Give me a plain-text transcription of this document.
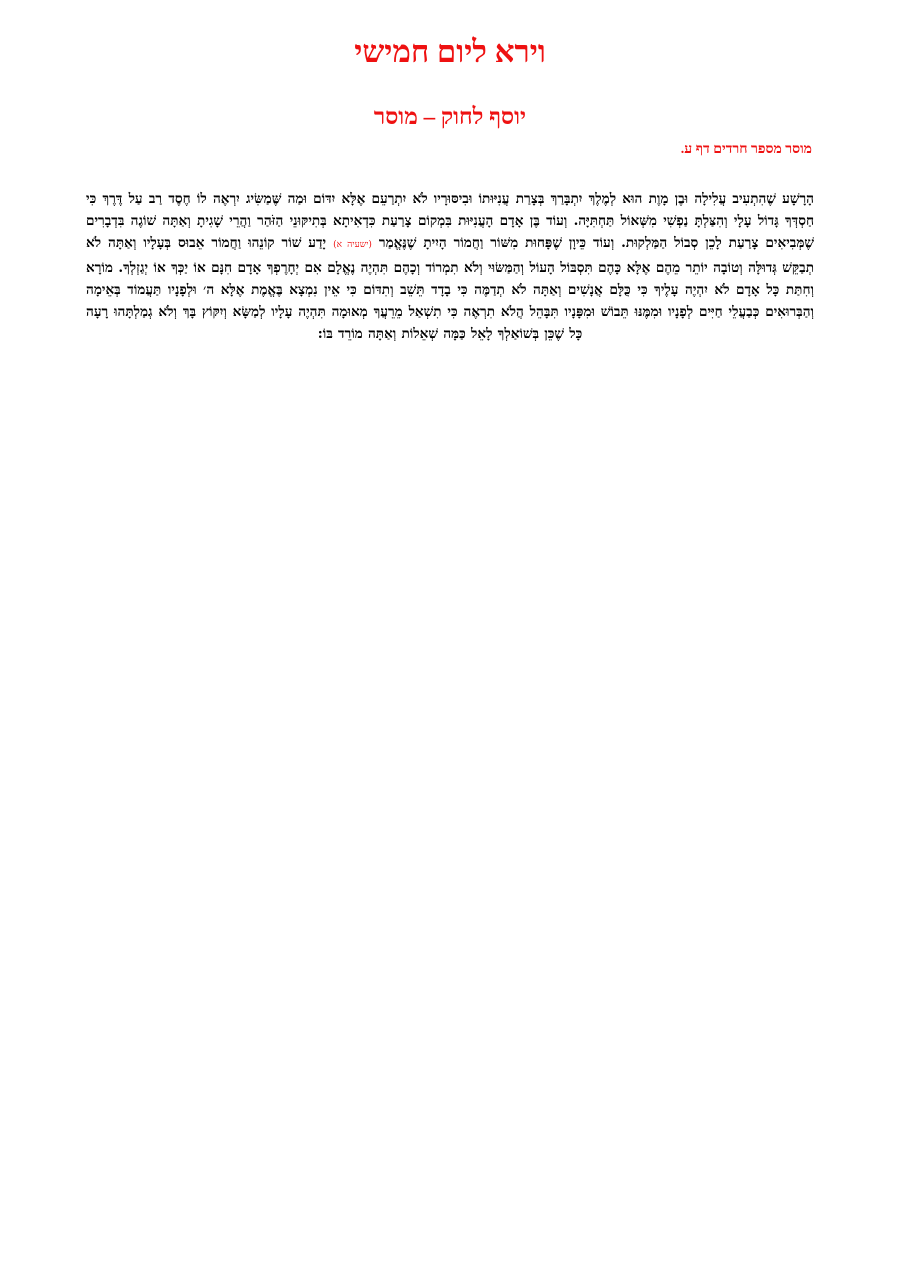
וירא ליום חמישי
יוסף לחוק – מוסר
מוסר מספר חרדים דף ע.

הָרָשָׁע שֶׁהִתְעִיב עֲלִילָה וּבֶן מָוֶת הוּא לְמֶלֶךְ יִתְבָּרַךְ בְּצָרַת עֲנִיּוּתוֹ וּבִיסּוּרָיו לֹא יִתְרַעֵם אֶלָּא יִדּוֹם וּמַה שֶּׁמַשִּׂיג יִרְאֶה לוֹ חֶסֶד רַב עַל דֶּרֶךְ כִּי חַסְדְּךָ גָּדוֹל עָלָי וְהִצַּלְתָּ נַפְשִׁי מִשְּׁאוֹל תַּחְתִּיָּה. וְעוֹד בֶּן אָדָם הָעֲנִיּוּת בִּמְקוֹם צָרַעַת כִּדְאִיתָא בְּתִיקּוּנֵי הַזֹּהַר וַהֲרֵי שָׁגִיתָ וְאַתָּה שׁוֹגֶה בִּדְבָרִים שֶׁמְּבִיאִים צָרַעַת לָכֵן סְבוֹל הַמַּלְקוּת. וְעוֹד כֵּיוָן שֶׁפָּחוּת מִשּׁוֹר וַחֲמוֹר הָיִיתָ שֶׁנֶּאֱמַר (ישעיה א) יָדַע שׁוֹר קוֹנֵהוּ וַחֲמוֹר אֵבוּס בְּעָלָיו וְאַתָּה לֹא תְבַקֵּשׁ גְּדוּלָּה וְטוֹבָה יוֹתֵר מֵהֶם אֶלָּא כָּהֶם תִּסְבּוֹל הָעוֹל וְהַמַּשּׂוּי וְלֹא תִמְרוֹד וְכָהֶם תִּהְיֶה נֶאֱלָם אִם יְחָרֶפְךָ אָדָם חִנָּם אוֹ יַכְּךָ אוֹ יְגַזְלְךָ. מוֹרָא וְחִתַּת כָּל אָדָם לֹא יִהְיֶה עָלֶיךָ כִּי כֻּלָּם אֲנָשִׁים וְאַתָּה לֹא תְדַמֶּה כִּי בָדָד תֵּשֵׁב וְתִדּוֹם כִּי אֵין נִמְצָא בֶּאֱמֶת אֶלָּא ה׳ וּלְפָנָיו תַּעֲמוֹד בְּאֵימָה וְהַבְּרוּאִים כְּבַעֲלֵי חַיִּים לְפָנָיו וּמִמֶּנּוּ תֵּבוֹשׁ וּמִפָּנָיו תִּבָּהֵל הֲלֹא תִרְאֶה כִּי תִשְׁאַל מֵרֵעֲךָ מְאוּמָה תִּהְיֶה עָלָיו לְמַשָּׂא וְיִקּוֹץ בָּךְ וְלֹא גְמַלְתָּהוּ רָעָה כָּל שֶׁכֵּן בְּשׁוֹאַלְךָ לָאֵל כַּמָּה שְׁאֵלוֹת וְאַתָּה מוֹרֵד בּוֹ:
